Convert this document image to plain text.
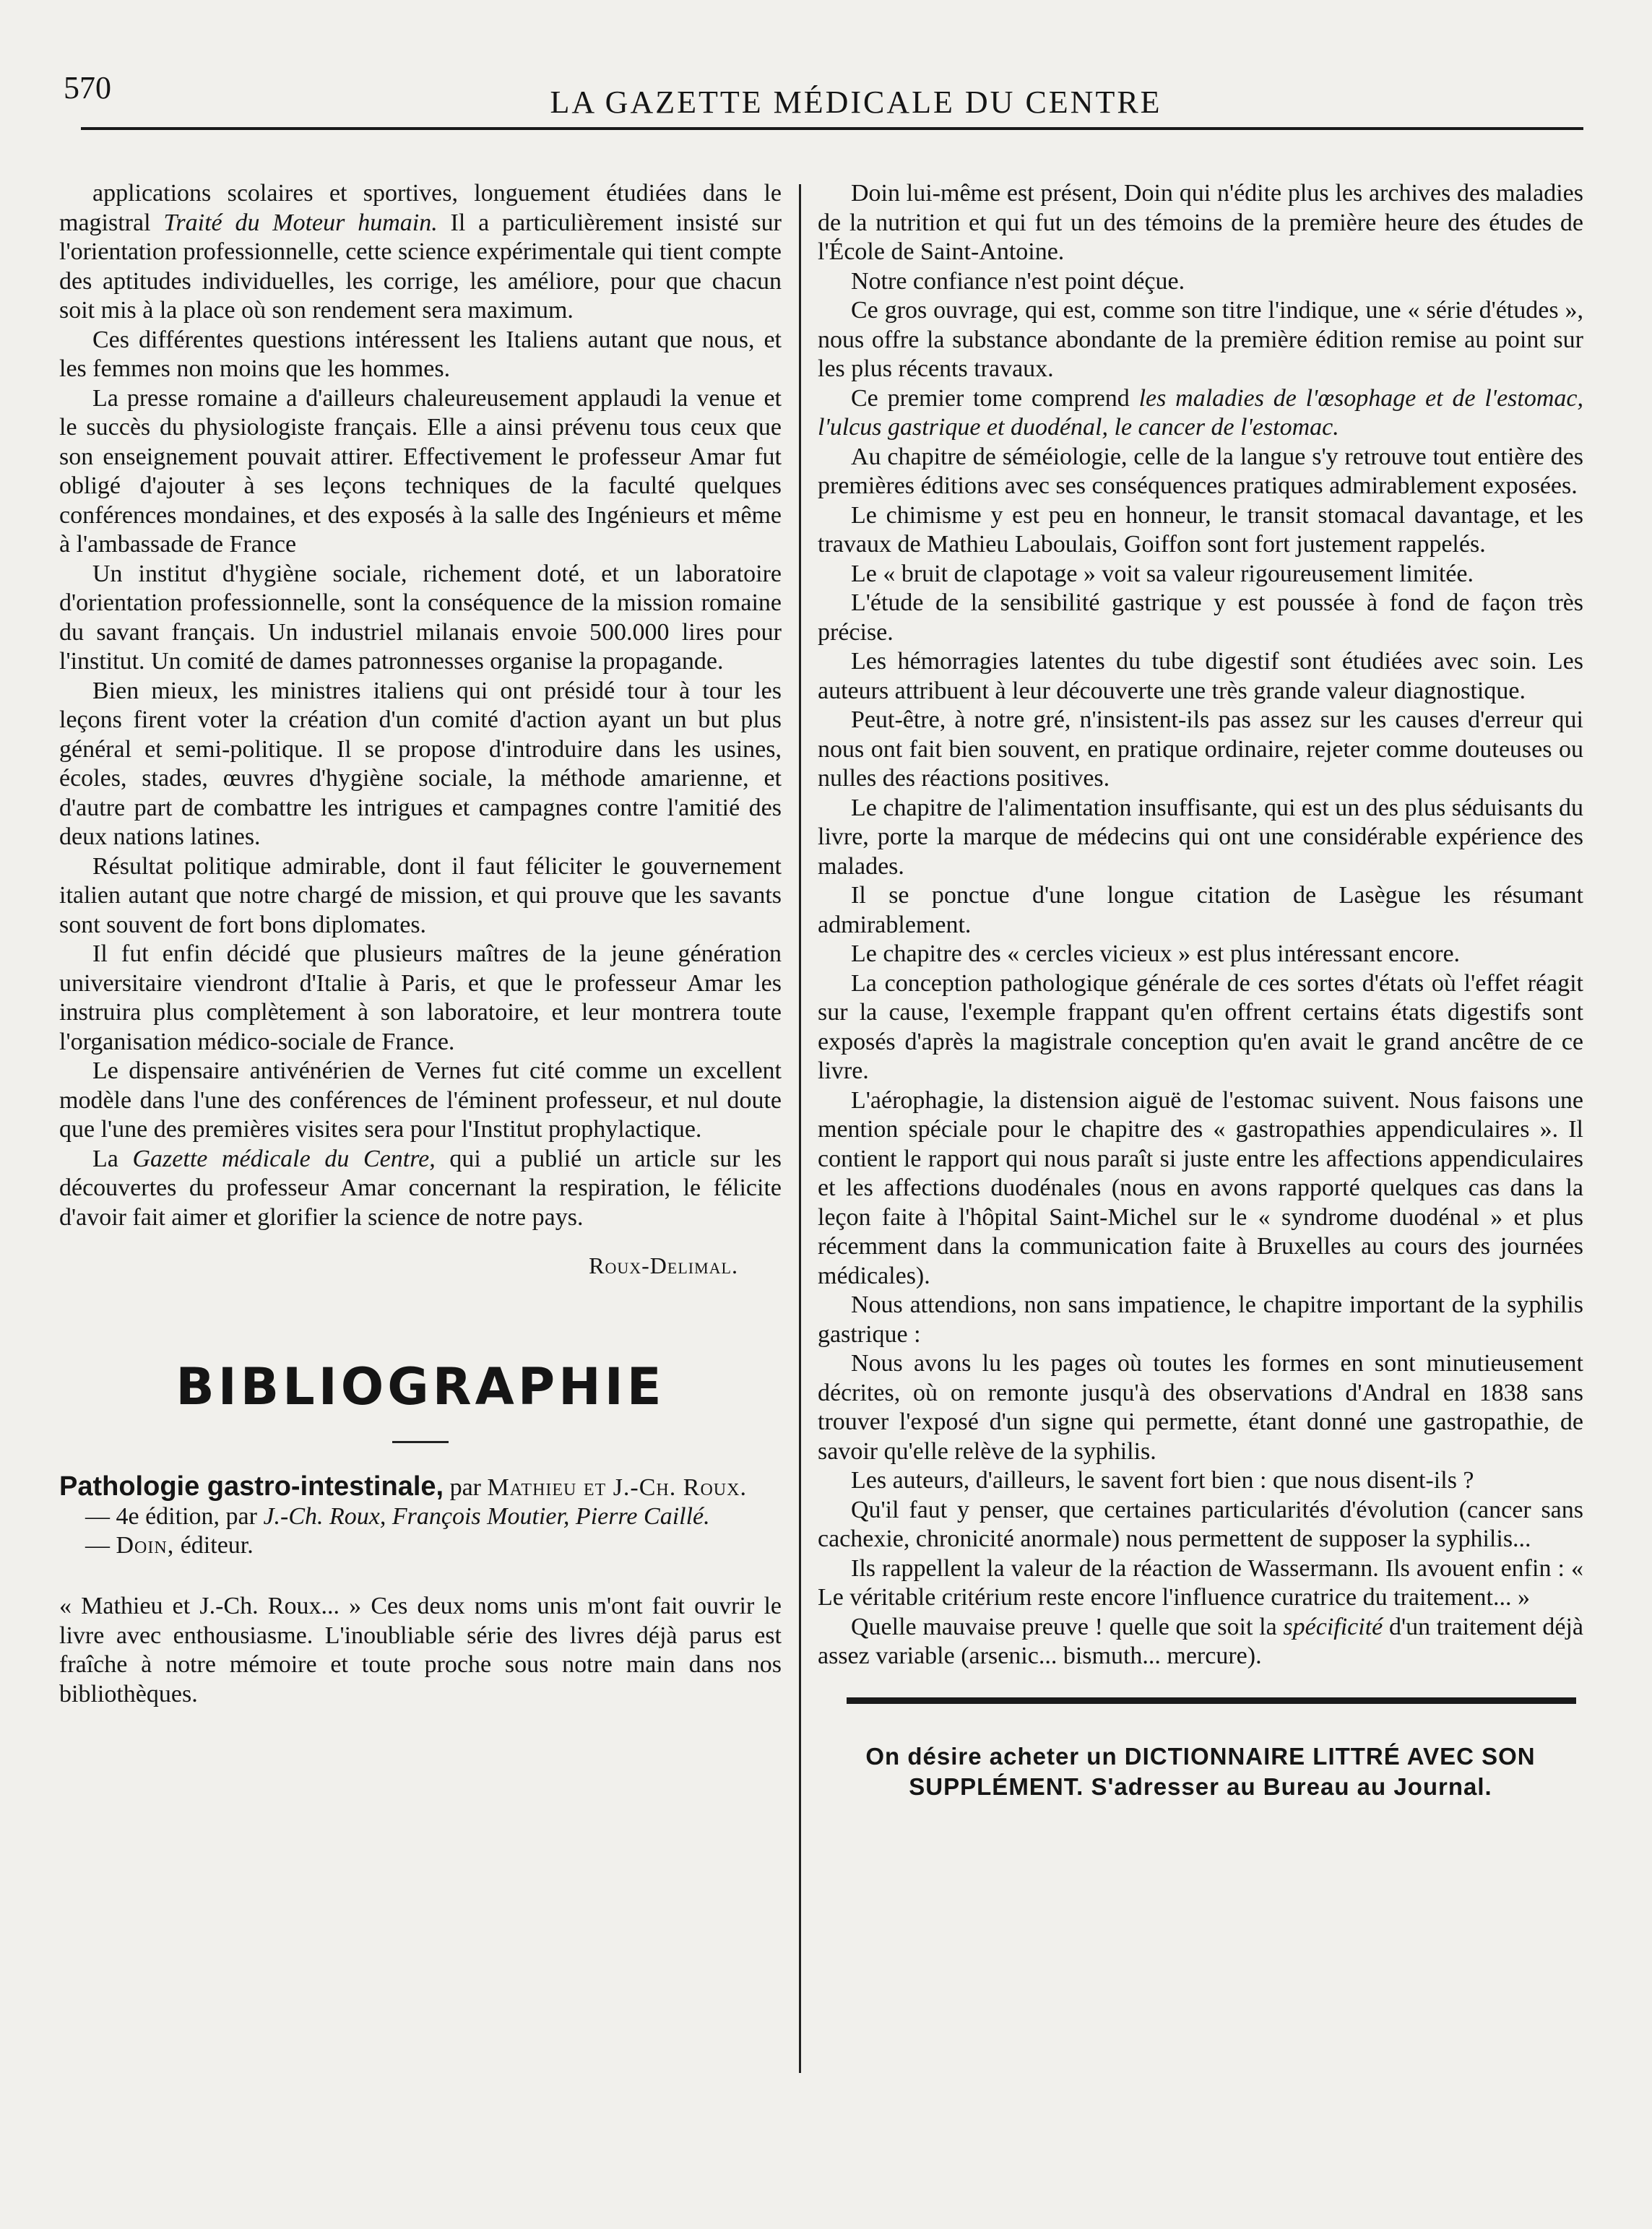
570	LA GAZETTE MÉDICALE DU CENTRE

applications scolaires et sportives, longuement étudiées dans le magistral Traité du Moteur humain. Il a particulièrement insisté sur l'orientation professionnelle, cette science expérimentale qui tient compte des aptitudes individuelles, les corrige, les améliore, pour que chacun soit mis à la place où son rendement sera maximum.

Ces différentes questions intéressent les Italiens autant que nous, et les femmes non moins que les hommes.

La presse romaine a d'ailleurs chaleureusement applaudi la venue et le succès du physiologiste français. Elle a ainsi prévenu tous ceux que son enseignement pouvait attirer. Effectivement le professeur Amar fut obligé d'ajouter à ses leçons techniques de la faculté quelques conférences mondaines, et des exposés à la salle des Ingénieurs et même à l'ambassade de France

Un institut d'hygiène sociale, richement doté, et un laboratoire d'orientation professionnelle, sont la conséquence de la mission romaine du savant français. Un industriel milanais envoie 500.000 lires pour l'institut. Un comité de dames patronnesses organise la propagande.

Bien mieux, les ministres italiens qui ont présidé tour à tour les leçons firent voter la création d'un comité d'action ayant un but plus général et semi-politique. Il se propose d'introduire dans les usines, écoles, stades, œuvres d'hygiène sociale, la méthode amarienne, et d'autre part de combattre les intrigues et campagnes contre l'amitié des deux nations latines.

Résultat politique admirable, dont il faut féliciter le gouvernement italien autant que notre chargé de mission, et qui prouve que les savants sont souvent de fort bons diplomates.

Il fut enfin décidé que plusieurs maîtres de la jeune génération universitaire viendront d'Italie à Paris, et que le professeur Amar les instruira plus complètement à son laboratoire, et leur montrera toute l'organisation médico-sociale de France.

Le dispensaire antivénérien de Vernes fut cité comme un excellent modèle dans l'une des conférences de l'éminent professeur, et nul doute que l'une des premières visites sera pour l'Institut prophylactique.

La Gazette médicale du Centre, qui a publié un article sur les découvertes du professeur Amar concernant la respiration, le félicite d'avoir fait aimer et glorifier la science de notre pays.

Roux-Delimal.

BIBLIOGRAPHIE

Pathologie gastro-intestinale, par Mathieu et J.-Ch. Roux.

— 4e édition, par J.-Ch. Roux, François Moutier, Pierre Caillé.

— Doin, éditeur.

« Mathieu et J.-Ch. Roux... » Ces deux noms unis m'ont fait ouvrir le livre avec enthousiasme. L'inoubliable série des livres déjà parus est fraîche à notre mémoire et toute proche sous notre main dans nos bibliothèques.

Doin lui-même est présent, Doin qui n'édite plus les archives des maladies de la nutrition et qui fut un des témoins de la première heure des études de l'École de Saint-Antoine.

Notre confiance n'est point déçue.

Ce gros ouvrage, qui est, comme son titre l'indique, une « série d'études », nous offre la substance abondante de la première édition remise au point sur les plus récents travaux.

Ce premier tome comprend les maladies de l'œsophage et de l'estomac, l'ulcus gastrique et duodénal, le cancer de l'estomac.

Au chapitre de séméiologie, celle de la langue s'y retrouve tout entière des premières éditions avec ses conséquences pratiques admirablement exposées.

Le chimisme y est peu en honneur, le transit stomacal davantage, et les travaux de Mathieu Laboulais, Goiffon sont fort justement rappelés.

Le « bruit de clapotage » voit sa valeur rigoureusement limitée.

L'étude de la sensibilité gastrique y est poussée à fond de façon très précise.

Les hémorragies latentes du tube digestif sont étudiées avec soin. Les auteurs attribuent à leur découverte une très grande valeur diagnostique.

Peut-être, à notre gré, n'insistent-ils pas assez sur les causes d'erreur qui nous ont fait bien souvent, en pratique ordinaire, rejeter comme douteuses ou nulles des réactions positives.

Le chapitre de l'alimentation insuffisante, qui est un des plus séduisants du livre, porte la marque de médecins qui ont une considérable expérience des malades.

Il se ponctue d'une longue citation de Lasègue les résumant admirablement.

Le chapitre des « cercles vicieux » est plus intéressant encore.

La conception pathologique générale de ces sortes d'états où l'effet réagit sur la cause, l'exemple frappant qu'en offrent certains états digestifs sont exposés d'après la magistrale conception qu'en avait le grand ancêtre de ce livre.

L'aérophagie, la distension aiguë de l'estomac suivent. Nous faisons une mention spéciale pour le chapitre des « gastropathies appendiculaires ». Il contient le rapport qui nous paraît si juste entre les affections appendiculaires et les affections duodénales (nous en avons rapporté quelques cas dans la leçon faite à l'hôpital Saint-Michel sur le « syndrome duodénal » et plus récemment dans la communication faite à Bruxelles au cours des journées médicales).

Nous attendions, non sans impatience, le chapitre important de la syphilis gastrique :

Nous avons lu les pages où toutes les formes en sont minutieusement décrites, où on remonte jusqu'à des observations d'Andral en 1838 sans trouver l'exposé d'un signe qui permette, étant donné une gastropathie, de savoir qu'elle relève de la syphilis.

Les auteurs, d'ailleurs, le savent fort bien : que nous disent-ils ?

Qu'il faut y penser, que certaines particularités d'évolution (cancer sans cachexie, chronicité anormale) nous permettent de supposer la syphilis...

Ils rappellent la valeur de la réaction de Wassermann. Ils avouent enfin : « Le véritable critérium reste encore l'influence curatrice du traitement... »

Quelle mauvaise preuve ! quelle que soit la spécificité d'un traitement déjà assez variable (arsenic... bismuth... mercure).

On désire acheter un DICTIONNAIRE LITTRÉ AVEC SON SUPPLÉMENT. S'adresser au Bureau au Journal.
